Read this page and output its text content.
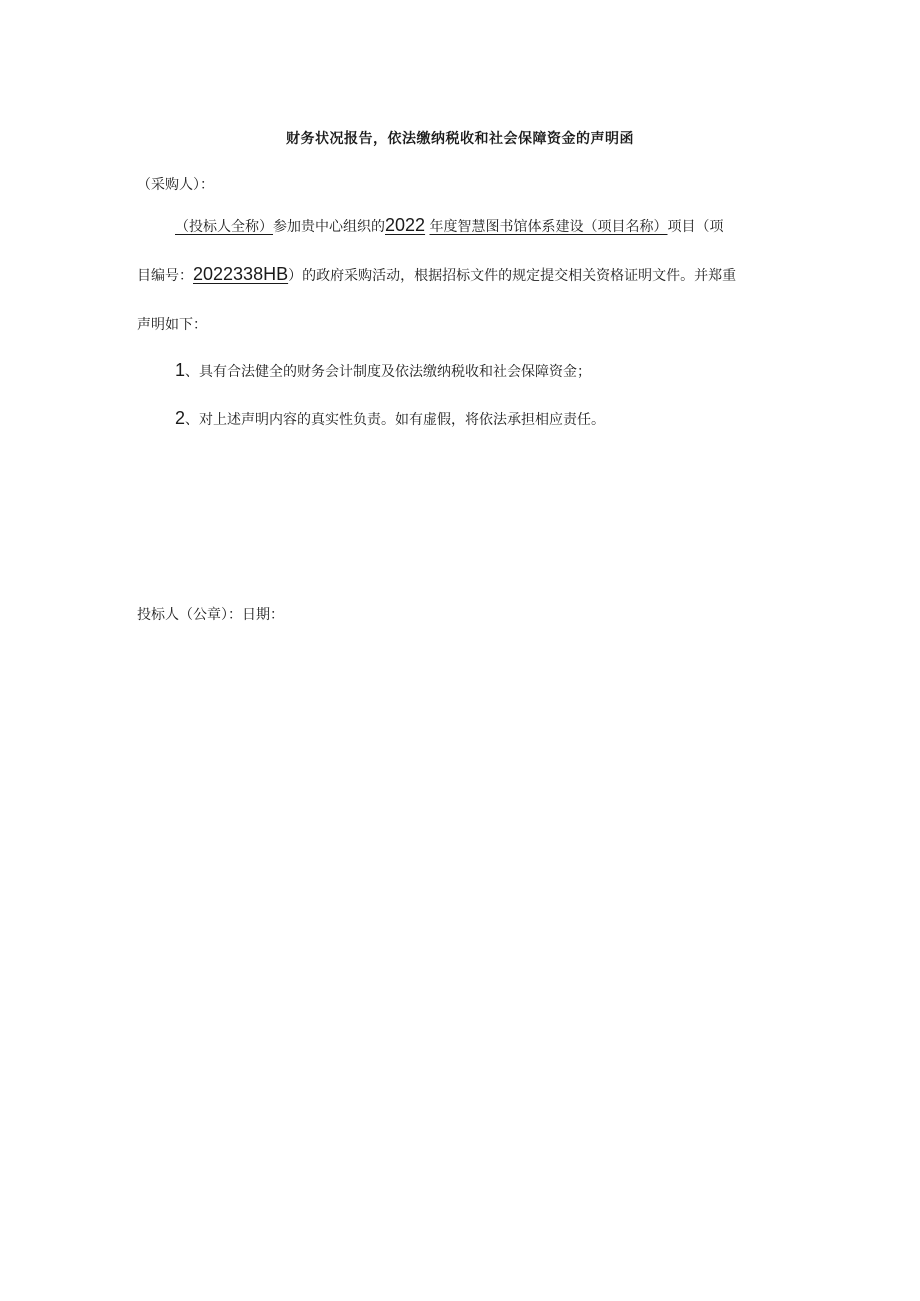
财务状况报告，依法缴纳税收和社会保障资金的声明函
（采购人）：
（投标人全称）参加贵中心组织的2022 年度智慧图书馆体系建设（项目名称）项目（项
目编号：2022338HB）的政府采购活动，根据招标文件的规定提交相关资格证明文件。并郑重
声明如下：
1、具有合法健全的财务会计制度及依法缴纳税收和社会保障资金；
2、对上述声明内容的真实性负责。如有虚假，将依法承担相应责任。
投标人（公章）：日期：
